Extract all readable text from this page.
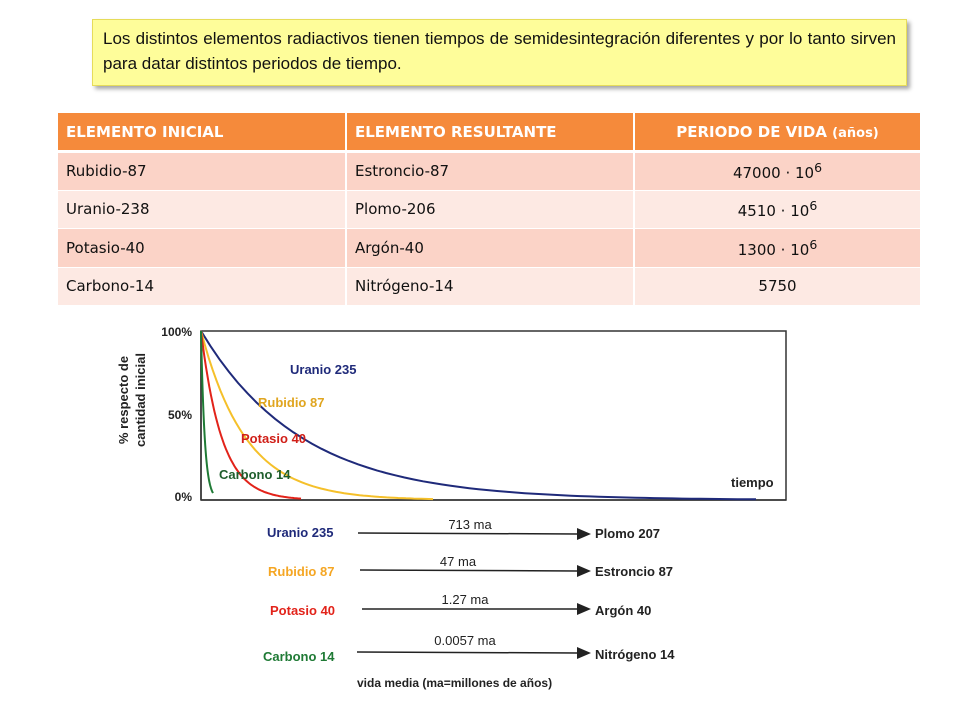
Los distintos elementos radiactivos tienen tiempos de semidesintegración diferentes y por lo tanto sirven para datar distintos periodos de tiempo.
ELEMENTO INICIAL	ELEMENTO RESULTANTE	PERIODO DE VIDA (años)
Rubidio-87	Estroncio-87	$47000 \cdot 10^6$
Uranio-238	Plomo-206	$4510 \cdot 10^6$
Potasio-40	Argón-40	$1300 \cdot 10^6$
Carbono-14	Nitrógeno-14	5750
% respecto de cantidad inicial
100%
50%
0%
Uranio 235
Rubidio 87
Potasio 40
Carbono 14
tiempo
Uranio 235
713 ma
Plomo 207
Rubidio 87
47 ma
Estroncio 87
Potasio 40
1.27 ma
Argón 40
Carbono 14
0.0057 ma
Nitrógeno 14
vida media (ma=millones de años)
